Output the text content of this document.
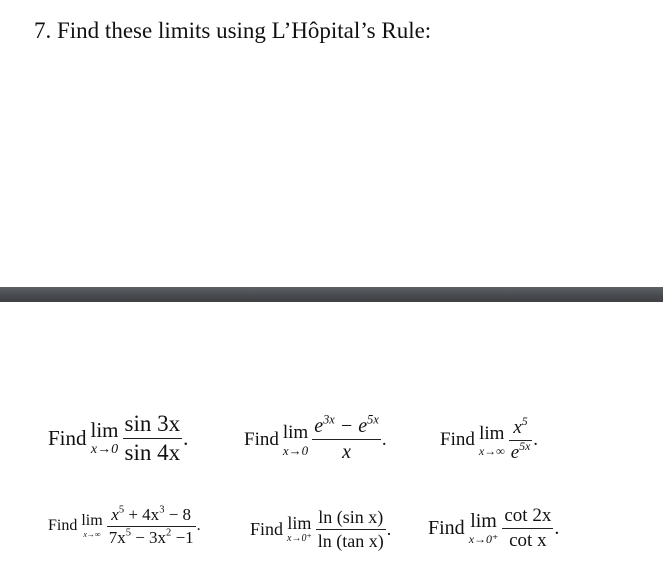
7. Find these limits using L’Hôpital’s Rule:
Find lim
$x\to 0 \frac{\sin 3x}{\sin 4x}$ .	Find lim
$x\to 0 \frac{e^{3x} - e^{5x}}{x}$ .	Find lim
$x\to\infty \frac{x^5}{e^{5x}}$ .
Find lim
$x\to\infty \frac{x^5 + 4x^3 - 8}{7x^5 - 3x^2 -1}$ .	Find lim
$x\to 0^+ \frac{\text{ln (sin x)}}{\text{ln (tan x)}}$ . Find lim
$x\to 0^+ \frac{\cot 2x}{\text{cot x}}$ .
